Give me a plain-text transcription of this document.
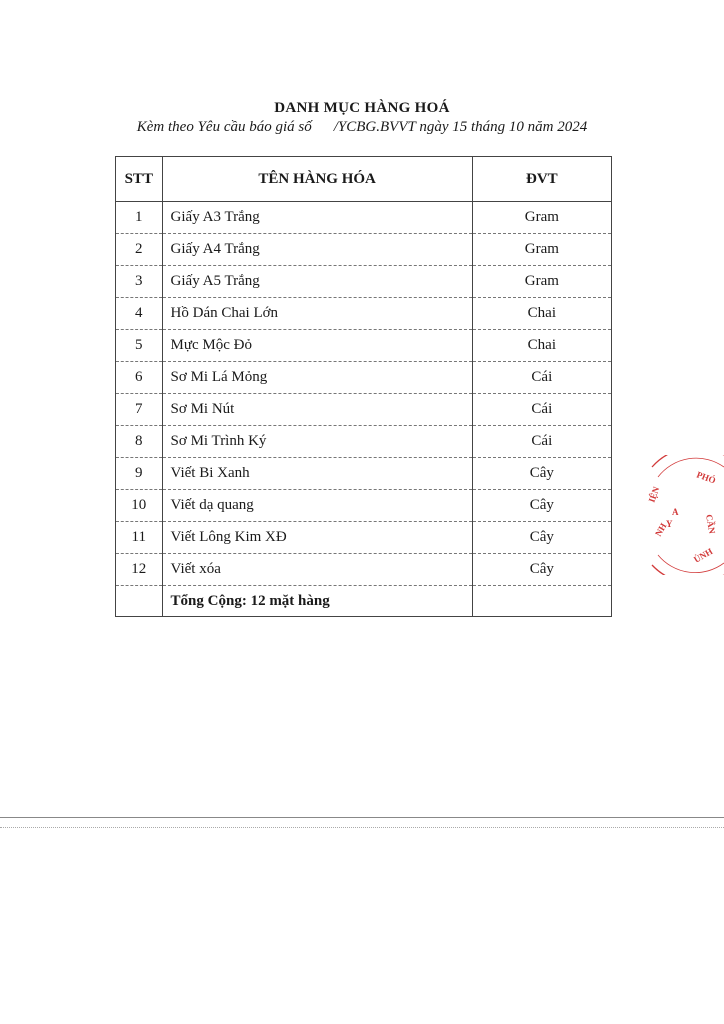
DANH MỤC HÀNG HOÁ
Kèm theo Yêu cầu báo giá số /YCBG.BVVT ngày 15 tháng 10 năm 2024
STT	TÊN HÀNG HÓA	ĐVT
1	Giấy A3 Trắng	Gram
2	Giấy A4 Trắng	Gram
3	Giấy A5 Trắng	Gram
4	Hồ Dán Chai Lớn	Chai
5	Mực Mộc Đỏ	Chai
6	Sơ Mi Lá Mỏng	Cái
7	Sơ Mi Nút	Cái
8	Sơ Mi Trình Ký	Cái
9	Viết Bi Xanh	Cây
10	Viết dạ quang	Cây
11	Viết Lông Kim XĐ	Cây
12	Viết xóa	Cây
	Tổng Cộng: 12 mặt hàng	
PHÓ
CẦN
IỆN
A
NH
Y
ỦNH
